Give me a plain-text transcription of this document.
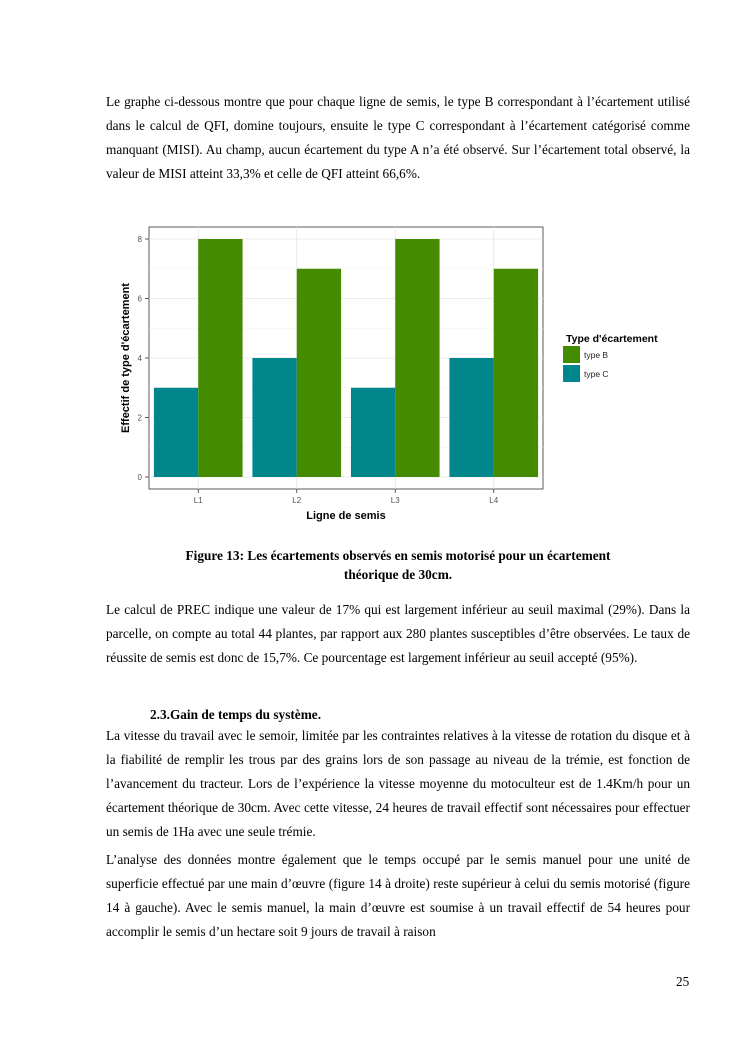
Le graphe ci-dessous montre que pour chaque ligne de semis, le type B correspondant à l’écartement utilisé dans le calcul de QFI, domine toujours, ensuite le type C correspondant à l’écartement catégorisé comme manquant (MISI). Au champ, aucun écartement du type A n’a été observé. Sur l’écartement total observé, la valeur de MISI atteint 33,3% et celle de QFI atteint 66,6%.

0
2
4
6
8
L1	L2	L3	L4
Effectif de type d'écartement
Ligne de semis
Type d'écartement
type B
type C

Figure 13: Les écartements observés en semis motorisé pour un écartement
théorique de 30cm.

Le calcul de PREC indique une valeur de 17% qui est largement inférieur au seuil maximal (29%). Dans la parcelle, on compte au total 44 plantes, par rapport aux 280 plantes susceptibles d’être observées. Le taux de réussite de semis est donc de 15,7%. Ce pourcentage est largement inférieur au seuil accepté (95%).

2.3.Gain de temps du système.

La vitesse du travail avec le semoir, limitée par les contraintes relatives à la vitesse de rotation du disque et à la fiabilité de remplir les trous par des grains lors de son passage au niveau de la trémie, est fonction de l’avancement du tracteur. Lors de l’expérience la vitesse moyenne du motoculteur est de 1.4Km/h pour un écartement théorique de 30cm. Avec cette vitesse, 24 heures de travail effectif sont nécessaires pour effectuer un semis de 1Ha avec une seule trémie.

L’analyse des données montre également que le temps occupé par le semis manuel pour une unité de superficie effectué par une main d’œuvre (figure 14 à droite) reste supérieur à celui du semis motorisé (figure 14 à gauche). Avec le semis manuel, la main d’œuvre est soumise à un travail effectif de 54 heures pour accomplir le semis d’un hectare soit 9 jours de travail à raison

25
